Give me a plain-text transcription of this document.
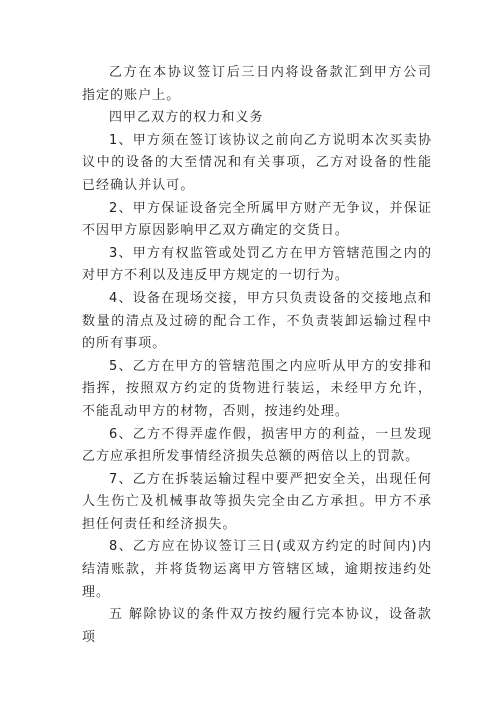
乙方在本协议签订后三日内将设备款汇到甲方公司指定的账户上。

四甲乙双方的权力和义务

1、甲方须在签订该协议之前向乙方说明本次买卖协议中的设备的大至情况和有关事项，乙方对设备的性能已经确认并认可。

2、甲方保证设备完全所属甲方财产无争议，并保证不因甲方原因影响甲乙双方确定的交货日。

3、甲方有权监管或处罚乙方在甲方管辖范围之内的对甲方不利以及违反甲方规定的一切行为。

4、设备在现场交接，甲方只负责设备的交接地点和数量的清点及过磅的配合工作，不负责装卸运输过程中的所有事项。

5、乙方在甲方的管辖范围之内应听从甲方的安排和指挥，按照双方约定的货物进行装运，未经甲方允许，不能乱动甲方的材物，否则，按违约处理。

6、乙方不得弄虚作假，损害甲方的利益，一旦发现乙方应承担所发事情经济损失总额的两倍以上的罚款。

7、乙方在拆装运输过程中要严把安全关，出现任何人生伤亡及机械事故等损失完全由乙方承担。甲方不承担任何责任和经济损失。

8、乙方应在协议签订三日(或双方约定的时间内)内结清账款，并将货物运离甲方管辖区域，逾期按违约处理。

五 解除协议的条件双方按约履行完本协议，设备款项
